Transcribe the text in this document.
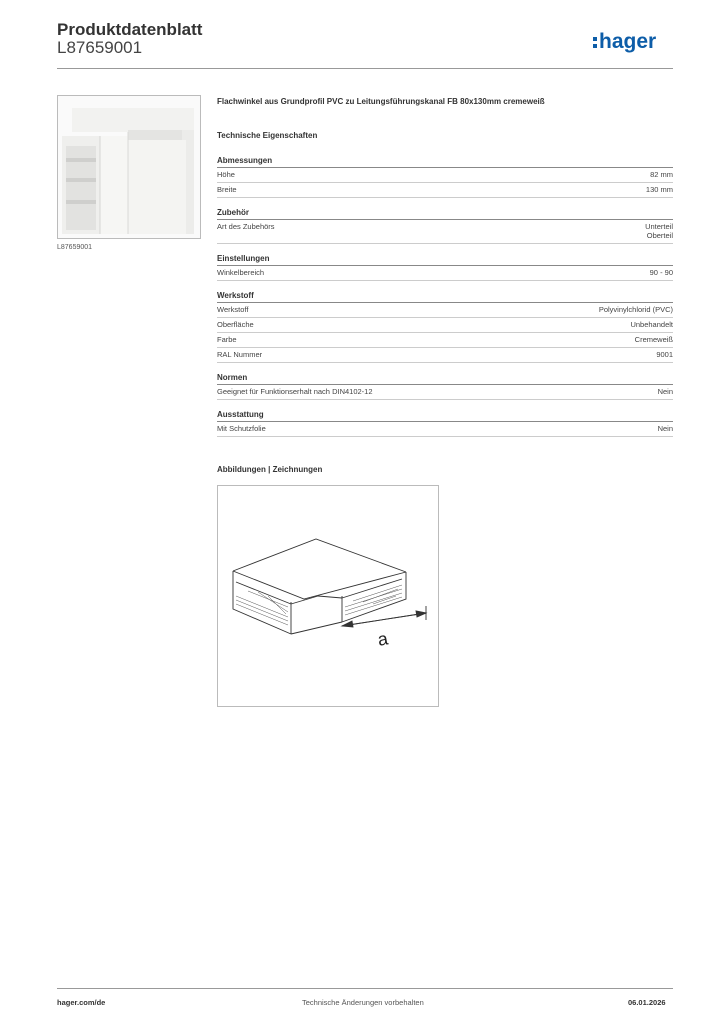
Produktdatenblatt
L87659001	hager
L87659001
Flachwinkel aus Grundprofil PVC zu Leitungsführungskanal FB 80x130mm cremeweiß
Technische Eigenschaften
Abmessungen
Höhe	82 mm
Breite	130 mm
Zubehör
Art des Zubehörs	Unterteil
Oberteil
Einstellungen
Winkelbereich	90 - 90
Werkstoff
Werkstoff	Polyvinylchlorid (PVC)
Oberfläche	Unbehandelt
Farbe	Cremeweiß
RAL Nummer	9001
Normen
Geeignet für Funktionserhalt nach DIN4102-12	Nein
Ausstattung
Mit Schutzfolie	Nein
Abbildungen | Zeichnungen
a
hager.com/de	Technische Änderungen vorbehalten	06.01.2026
